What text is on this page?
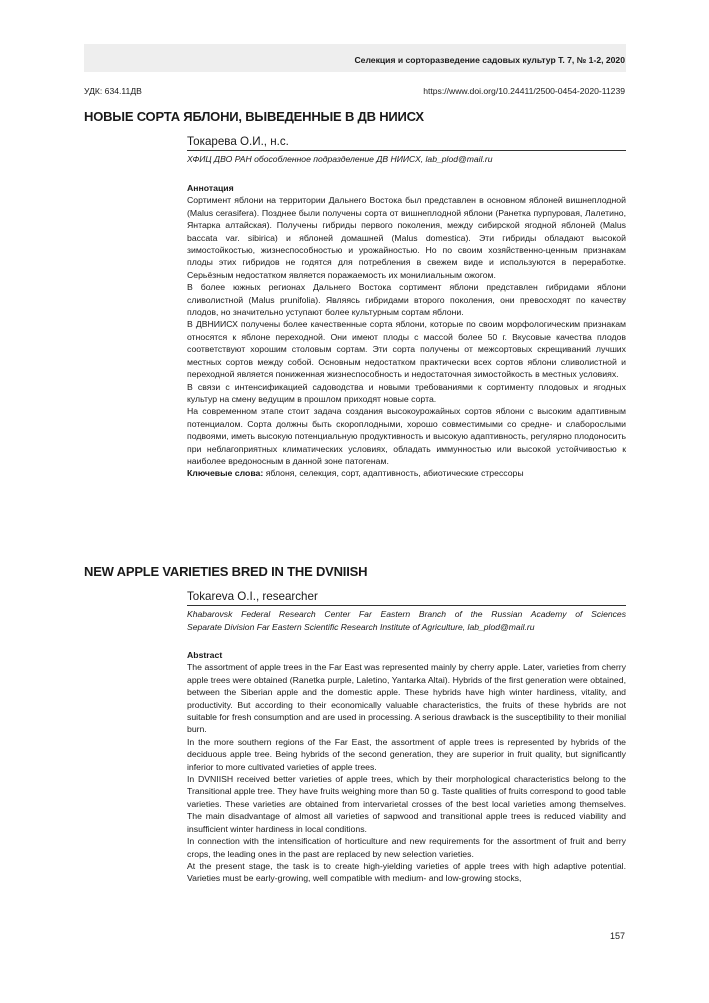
Селекция и сорторазведение садовых культур Т. 7, № 1-2, 2020
УДК: 634.11ДВ	https://www.doi.org/10.24411/2500-0454-2020-11239
НОВЫЕ СОРТА ЯБЛОНИ, ВЫВЕДЕННЫЕ В ДВ НИИСХ
Токарева О.И., н.с.
ХФИЦ ДВО РАН обособленное подразделение ДВ НИИСХ, lab_plod@mail.ru

Аннотация

Сортимент яблони на территории Дальнего Востока был представлен в основном яблоней вишнеплодной (Malus cerasifera). Позднее были получены сорта от вишнеплодной яблони (Ранетка пурпуровая, Лалетино, Янтарка алтайская). Получены гибриды первого поколения, между сибирской ягодной яблоней (Malus baccata var. sibirica) и яблоней домашней (Malus domestica). Эти гибриды обладают высокой зимостойкостью, жизнеспособностью и урожайностью. Но по своим хозяйственно-ценным признакам плоды этих гибридов не годятся для потребления в свежем виде и используются в переработке. Серьёзным недостатком является поражаемость их монилиальным ожогом.

В более южных регионах Дальнего Востока сортимент яблони представлен гибридами яблони сливолистной (Malus prunifolia). Являясь гибридами второго поколения, они превосходят по качеству плодов, но значительно уступают более культурным сортам яблони.

В ДВНИИСХ получены более качественные сорта яблони, которые по своим морфологическим признакам относятся к яблоне переходной. Они имеют плоды с массой более 50 г. Вкусовые качества плодов соответствуют хорошим столовым сортам. Эти сорта получены от межсортовых скрещиваний лучших местных сортов между собой. Основным недостатком практически всех сортов яблони сливолистной и переходной является пониженная жизнеспособность и недостаточная зимостойкость в местных условиях.

В связи с интенсификацией садоводства и новыми требованиями к сортименту плодовых и ягодных культур на смену ведущим в прошлом приходят новые сорта.

На современном этапе стоит задача создания высокоурожайных сортов яблони с высоким адаптивным потенциалом. Сорта должны быть скороплодными, хорошо совместимыми со средне- и слаборослыми подвоями, иметь высокую потенциальную продуктивность и высокую адаптивность, регулярно плодоносить при неблагоприятных климатических условиях, обладать иммунностью или высокой устойчивостью к наиболее вредоносным в данной зоне патогенам.

Ключевые слова: яблоня, селекция, сорт, адаптивность, абиотические стрессоры

NEW APPLE VARIETIES BRED IN THE DVNIISH
Tokareva O.I., researcher
Khabarovsk Federal Research Center Far Eastern Branch of the Russian Academy of Sciences
Separate Division Far Eastern Scientific Research Institute of Agriculture, lab_plod@mail.ru

Abstract

The assortment of apple trees in the Far East was represented mainly by cherry apple. Later, varieties from cherry apple trees were obtained (Ranetka purple, Laletino, Yantarka Altai). Hybrids of the first generation were obtained, between the Siberian apple and the domestic apple. These hybrids have high winter hardiness, vitality, and productivity. But according to their economically valuable characteristics, the fruits of these hybrids are not suitable for fresh consumption and are used in processing. A serious drawback is the susceptibility to their monilial burn.

In the more southern regions of the Far East, the assortment of apple trees is represented by hybrids of the deciduous apple tree. Being hybrids of the second generation, they are superior in fruit quality, but significantly inferior to more cultivated varieties of apple trees.

In DVNIISH received better varieties of apple trees, which by their morphological characteristics belong to the Transitional apple tree. They have fruits weighing more than 50 g. Taste qualities of fruits correspond to good table varieties. These varieties are obtained from intervarietal crosses of the best local varieties among themselves. The main disadvantage of almost all varieties of sapwood and transitional apple trees is reduced viability and insufficient winter hardiness in local conditions.

In connection with the intensification of horticulture and new requirements for the assortment of fruit and berry crops, the leading ones in the past are replaced by new selection varieties.

At the present stage, the task is to create high-yielding varieties of apple trees with high adaptive potential. Varieties must be early-growing, well compatible with medium- and low-growing stocks,

157
